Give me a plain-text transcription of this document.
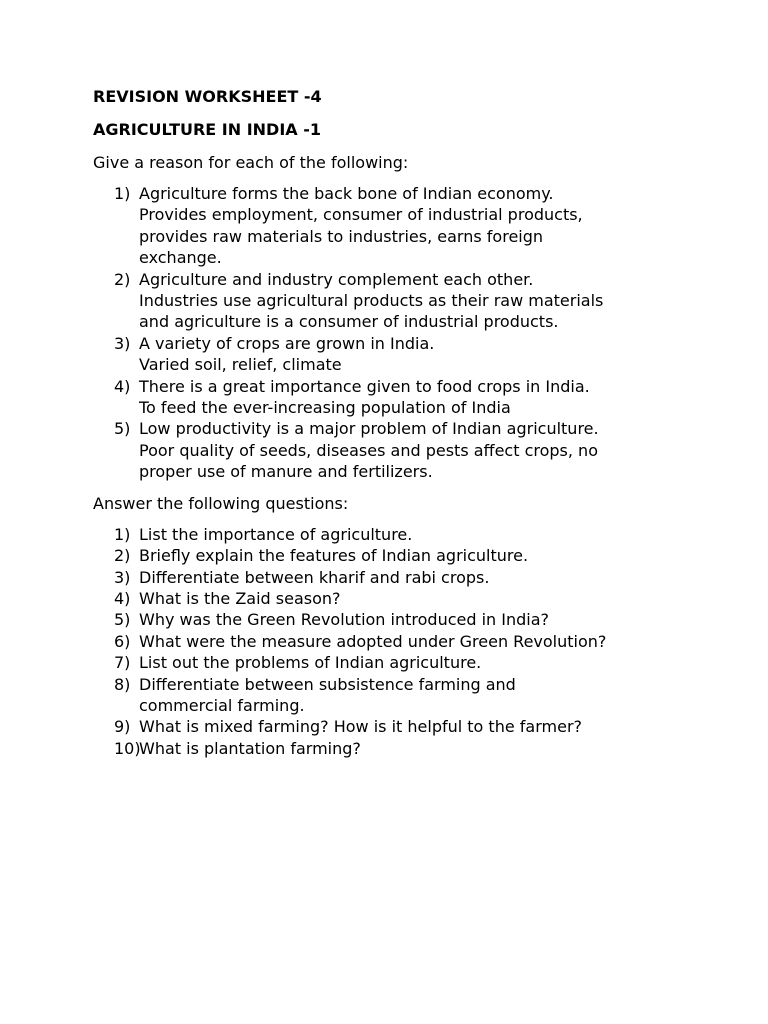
REVISION WORKSHEET -4
AGRICULTURE IN INDIA -1
Give a reason for each of the following:
1) Agriculture forms the back bone of Indian economy.
Provides employment, consumer of industrial products,
provides raw materials to industries, earns foreign
exchange.
2) Agriculture and industry complement each other.
Industries use agricultural products as their raw materials
and agriculture is a consumer of industrial products.
3) A variety of crops are grown in India.
Varied soil, relief, climate
4) There is a great importance given to food crops in India.
To feed the ever-increasing population of India
5) Low productivity is a major problem of Indian agriculture.
Poor quality of seeds, diseases and pests affect crops, no
proper use of manure and fertilizers.
Answer the following questions:
1) List the importance of agriculture.
2) Briefly explain the features of Indian agriculture.
3) Differentiate between kharif and rabi crops.
4) What is the Zaid season?
5) Why was the Green Revolution introduced in India?
6) What were the measure adopted under Green Revolution?
7) List out the problems of Indian agriculture.
8) Differentiate between subsistence farming and
commercial farming.
9) What is mixed farming? How is it helpful to the farmer?
10)
What is plantation farming?
